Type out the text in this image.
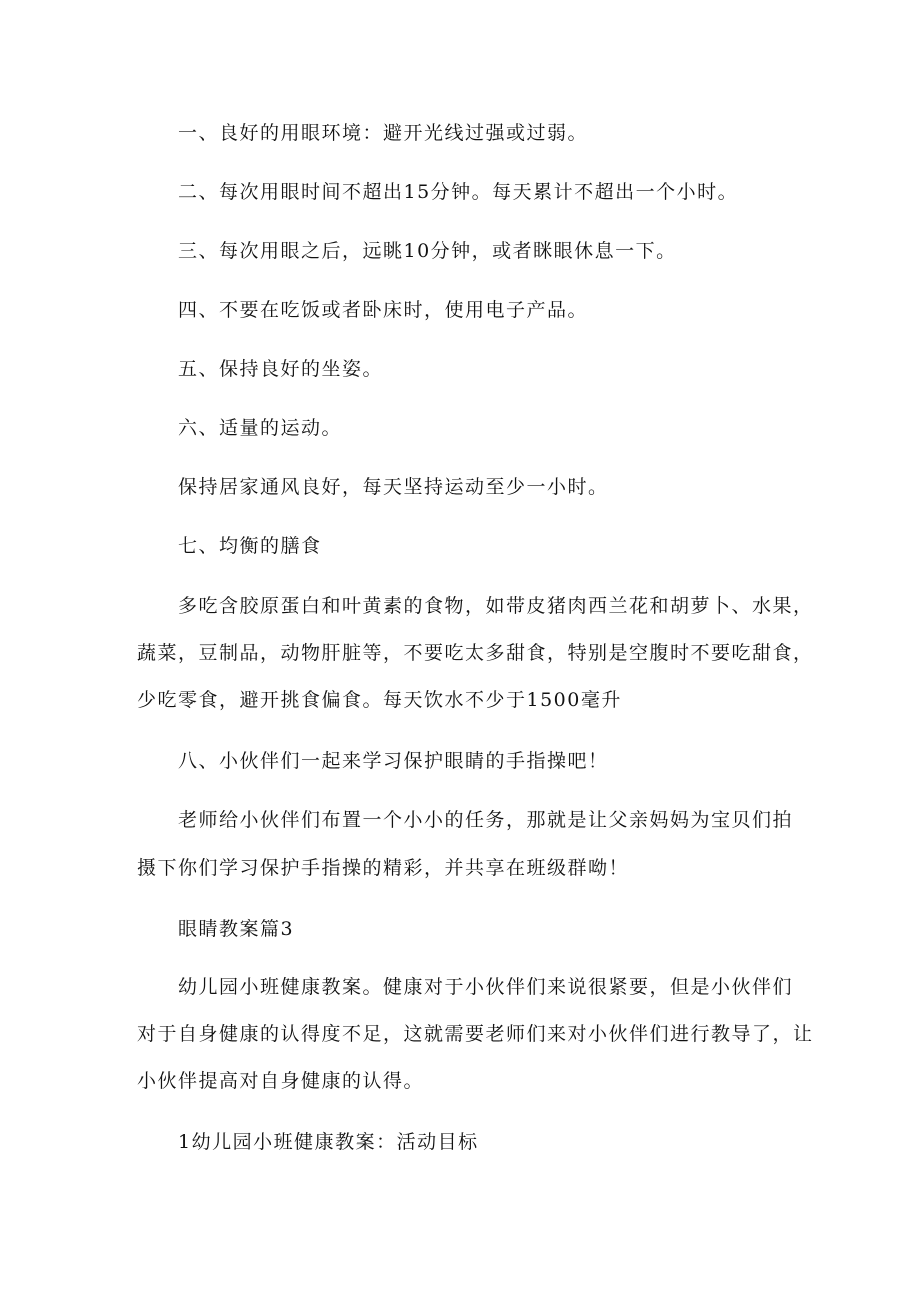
一、良好的用眼环境：避开光线过强或过弱。
二、每次用眼时间不超出15分钟。每天累计不超出一个小时。
三、每次用眼之后，远眺10分钟，或者眯眼休息一下。
四、不要在吃饭或者卧床时，使用电子产品。
五、保持良好的坐姿。
六、适量的运动。
保持居家通风良好，每天坚持运动至少一小时。
七、均衡的膳食
多吃含胶原蛋白和叶黄素的食物，如带皮猪肉西兰花和胡萝卜、水果，
蔬菜，豆制品，动物肝脏等，不要吃太多甜食，特别是空腹时不要吃甜食，
少吃零食，避开挑食偏食。每天饮水不少于1500毫升
八、小伙伴们一起来学习保护眼睛的手指操吧！
老师给小伙伴们布置一个小小的任务，那就是让父亲妈妈为宝贝们拍
摄下你们学习保护手指操的精彩，并共享在班级群呦！
眼睛教案篇3
幼儿园小班健康教案。健康对于小伙伴们来说很紧要，但是小伙伴们
对于自身健康的认得度不足，这就需要老师们来对小伙伴们进行教导了，让
小伙伴提高对自身健康的认得。
1幼儿园小班健康教案：活动目标
